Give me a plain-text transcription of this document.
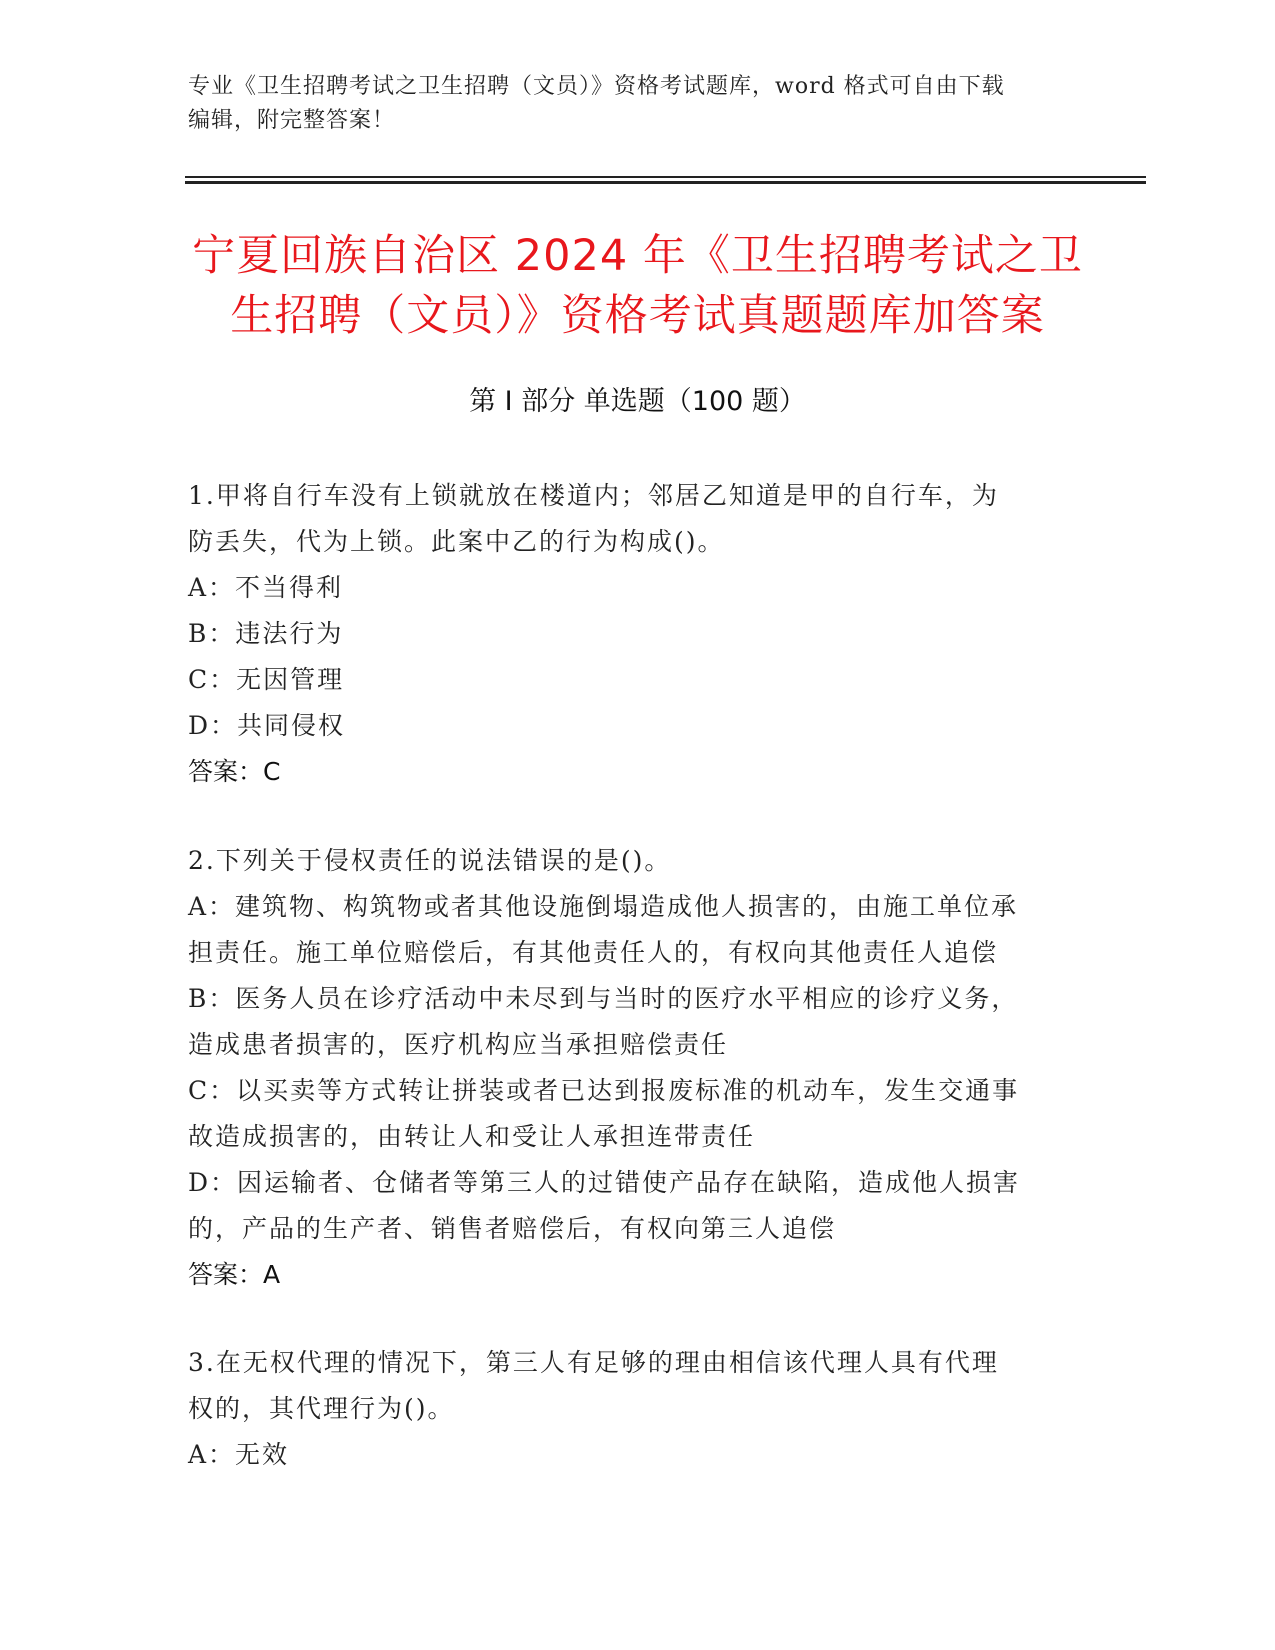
专业《卫生招聘考试之卫生招聘（文员）》资格考试题库，word 格式可自由下载
编辑，附完整答案！
宁夏回族自治区 2024 年《卫生招聘考试之卫
生招聘（文员）》资格考试真题题库加答案
第 I 部分 单选题（100 题）

1.甲将自行车没有上锁就放在楼道内；邻居乙知道是甲的自行车，为

防丢失，代为上锁。此案中乙的行为构成()。

A：不当得利

B：违法行为

C：无因管理

D：共同侵权

答案：C

2.下列关于侵权责任的说法错误的是()。

A：建筑物、构筑物或者其他设施倒塌造成他人损害的，由施工单位承

担责任。施工单位赔偿后，有其他责任人的，有权向其他责任人追偿

B：医务人员在诊疗活动中未尽到与当时的医疗水平相应的诊疗义务，

造成患者损害的，医疗机构应当承担赔偿责任

C：以买卖等方式转让拼装或者已达到报废标准的机动车，发生交通事

故造成损害的，由转让人和受让人承担连带责任

D：因运输者、仓储者等第三人的过错使产品存在缺陷，造成他人损害

的，产品的生产者、销售者赔偿后，有权向第三人追偿

答案：A

3.在无权代理的情况下，第三人有足够的理由相信该代理人具有代理

权的，其代理行为()。

A：无效
